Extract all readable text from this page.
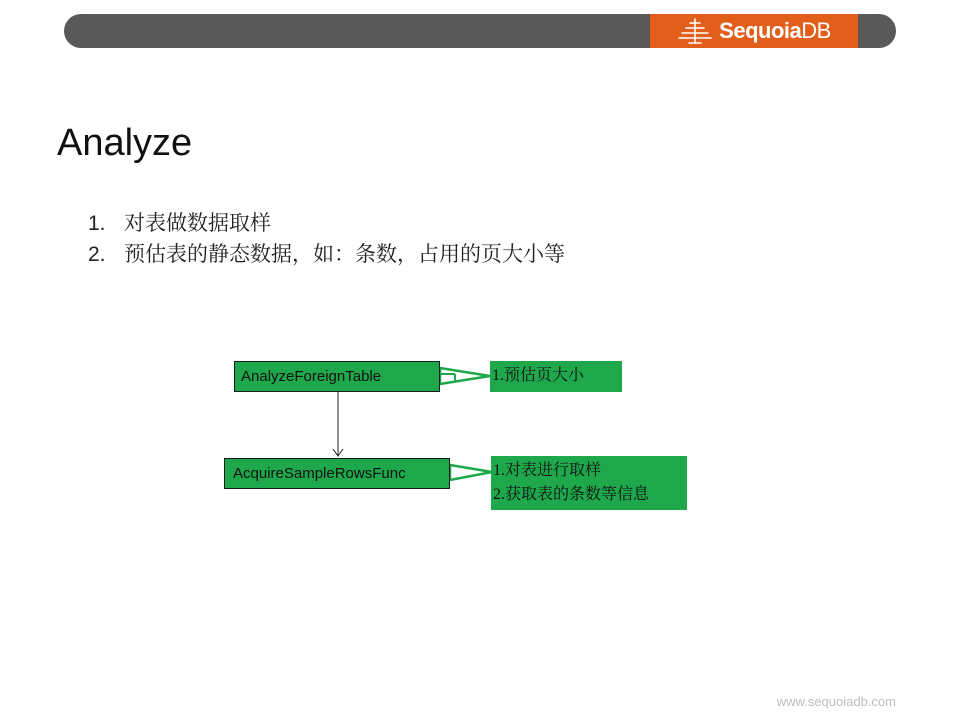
SequoiaDB
Analyze
1. 对表做数据取样
2. 预估表的静态数据，如：条数，占用的页大小等
AnalyzeForeignTable
AcquireSampleRowsFunc
1.预估页大小
1.对表进行取样
2.获取表的条数等信息
www.sequoiadb.com
